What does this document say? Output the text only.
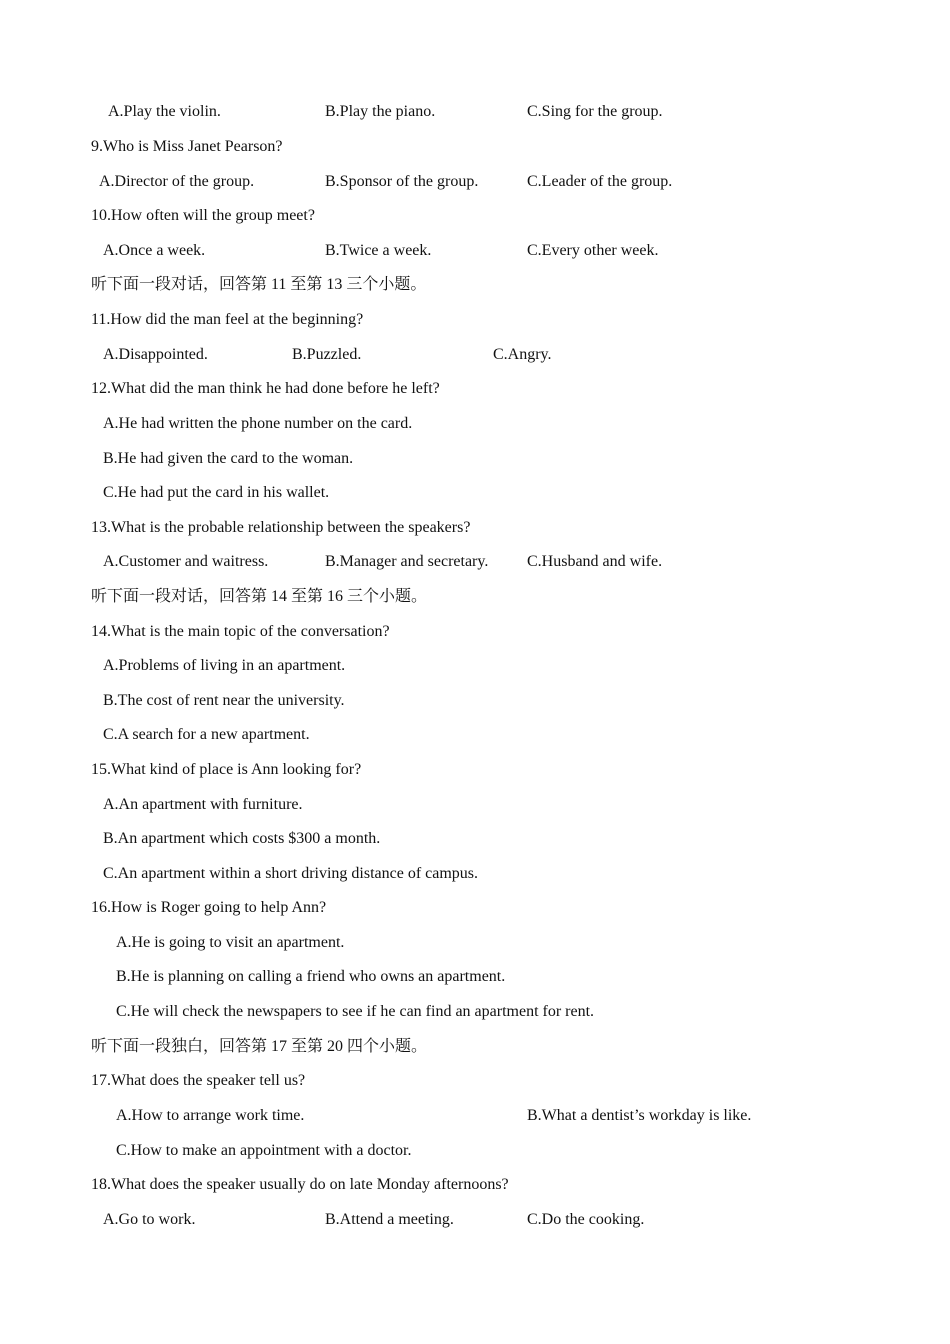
A.Play the violin.	B.Play the piano.	C.Sing for the group.
9.Who is Miss Janet Pearson?
A.Director of the group.	B.Sponsor of the group.	C.Leader of the group.
10.How often will the group meet?
A.Once a week.	B.Twice a week.	C.Every other week.
听下面一段对话，回答第 11 至第 13 三个小题。
11.How did the man feel at the beginning?
A.Disappointed.	B.Puzzled.	C.Angry.
12.What did the man think he had done before he left?
A.He had written the phone number on the card.
B.He had given the card to the woman.
C.He had put the card in his wallet.
13.What is the probable relationship between the speakers?
A.Customer and waitress.	B.Manager and secretary. C.Husband and wife.
听下面一段对话，回答第 14 至第 16 三个小题。
14.What is the main topic of the conversation?
A.Problems of living in an apartment.
B.The cost of rent near the university.
C.A search for a new apartment.
15.What kind of place is Ann looking for?
A.An apartment with furniture.
B.An apartment which costs $300 a month.
C.An apartment within a short driving distance of campus.
16.How is Roger going to help Ann?
A.He is going to visit an apartment.
B.He is planning on calling a friend who owns an apartment.
C.He will check the newspapers to see if he can find an apartment for rent.
听下面一段独白，回答第 17 至第 20 四个小题。
17.What does the speaker tell us?
A.How to arrange work time.	B.What a dentist’s workday is like.
C.How to make an appointment with a doctor.
18.What does the speaker usually do on late Monday afternoons?
A.Go to work.	B.Attend a meeting.	C.Do the cooking.
